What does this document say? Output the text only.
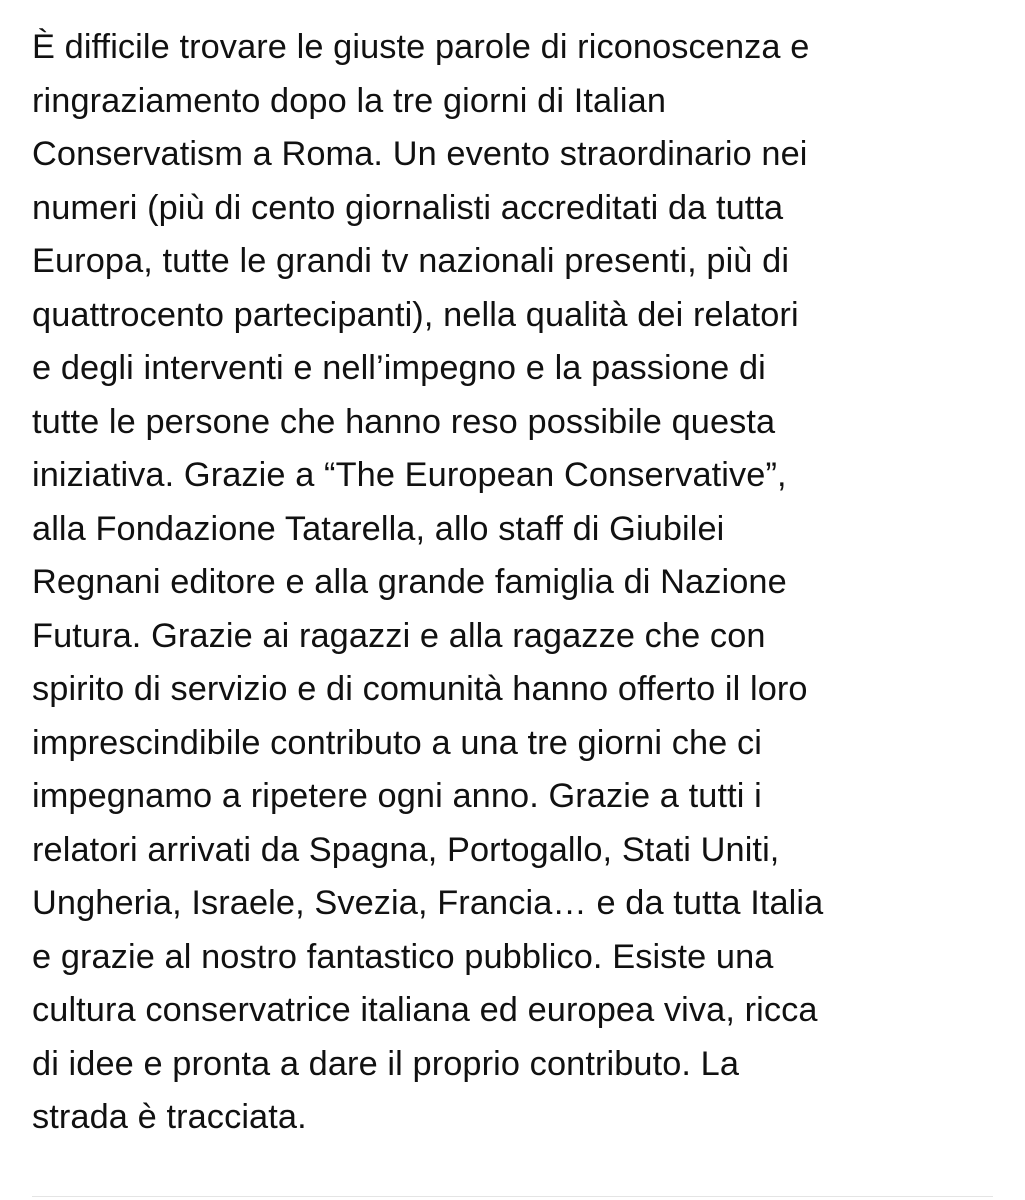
È difficile trovare le giuste parole di riconoscenza e
ringraziamento dopo la tre giorni di Italian
Conservatism a Roma. Un evento straordinario nei
numeri (più di cento giornalisti accreditati da tutta
Europa, tutte le grandi tv nazionali presenti, più di
quattrocento partecipanti), nella qualità dei relatori
e degli interventi e nell’impegno e la passione di
tutte le persone che hanno reso possibile questa
iniziativa. Grazie a “The European Conservative”,
alla Fondazione Tatarella, allo staff di Giubilei
Regnani editore e alla grande famiglia di Nazione
Futura. Grazie ai ragazzi e alla ragazze che con
spirito di servizio e di comunità hanno offerto il loro
imprescindibile contributo a una tre giorni che ci
impegnamo a ripetere ogni anno. Grazie a tutti i
relatori arrivati da Spagna, Portogallo, Stati Uniti,
Ungheria, Israele, Svezia, Francia… e da tutta Italia
e grazie al nostro fantastico pubblico. Esiste una
cultura conservatrice italiana ed europea viva, ricca
di idee e pronta a dare il proprio contributo. La
strada è tracciata.
